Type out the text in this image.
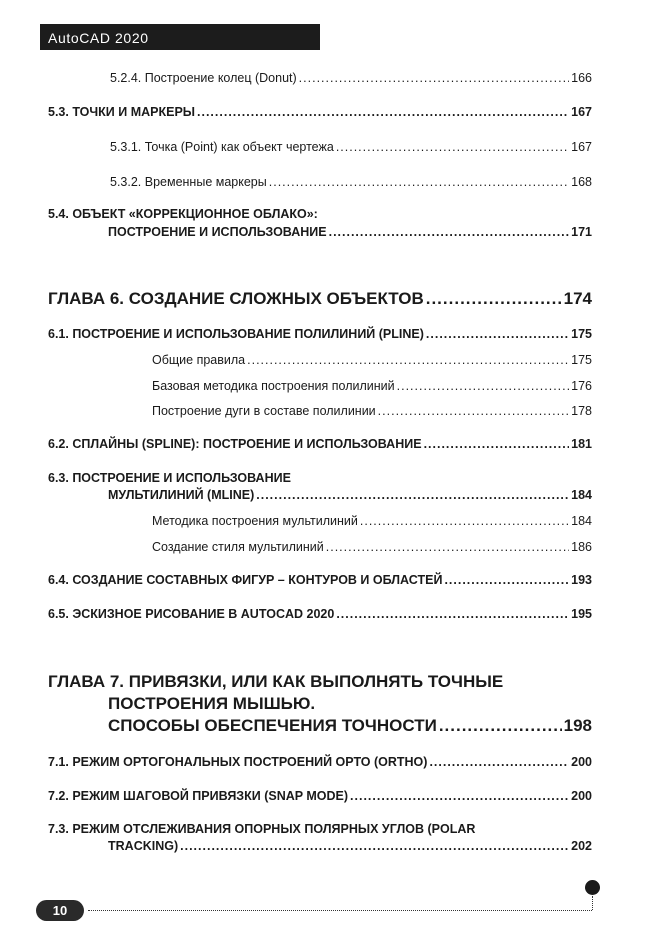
AutoCAD 2020
5.2.4. Построение колец (Donut) .....	166
5.3. ТОЧКИ И МАРКЕРЫ .....	167
5.3.1. Точка (Point) как объект чертежа .....	167
5.3.2. Временные маркеры .....	168
5.4. ОБЪЕКТ «КОРРЕКЦИОННОЕ ОБЛАКО»:
ПОСТРОЕНИЕ И ИСПОЛЬЗОВАНИЕ .....	171
ГЛАВА 6. СОЗДАНИЕ СЛОЖНЫХ ОБЪЕКТОВ .....	174
6.1. ПОСТРОЕНИЕ И ИСПОЛЬЗОВАНИЕ ПОЛИЛИНИЙ (PLINE) .....	175
Общие правила .....	175
Базовая методика построения полилиний .....	176
Построение дуги в составе полилинии .....	178
6.2. СПЛАЙНЫ (SPLINE): ПОСТРОЕНИЕ И ИСПОЛЬЗОВАНИЕ .....	181
6.3. ПОСТРОЕНИЕ И ИСПОЛЬЗОВАНИЕ
МУЛЬТИЛИНИЙ (MLINE) .....	184
Методика построения мультилиний .....	184
Создание стиля мультилиний .....	186
6.4. СОЗДАНИЕ СОСТАВНЫХ ФИГУР – КОНТУРОВ И ОБЛАСТЕЙ .....	193
6.5. ЭСКИЗНОЕ РИСОВАНИЕ В AUTOCAD 2020 .....	195
ГЛАВА 7. ПРИВЯЗКИ, ИЛИ КАК ВЫПОЛНЯТЬ ТОЧНЫЕ
ПОСТРОЕНИЯ МЫШЬЮ.
СПОСОБЫ ОБЕСПЕЧЕНИЯ ТОЧНОСТИ .....	198
7.1. РЕЖИМ ОРТОГОНАЛЬНЫХ ПОСТРОЕНИЙ ОРТО (ORTHO) .....	200
7.2. РЕЖИМ ШАГОВОЙ ПРИВЯЗКИ (SNAP MODE) .....	200
7.3. РЕЖИМ ОТСЛЕЖИВАНИЯ ОПОРНЫХ ПОЛЯРНЫХ УГЛОВ (POLAR
TRACKING) .....	202
10
